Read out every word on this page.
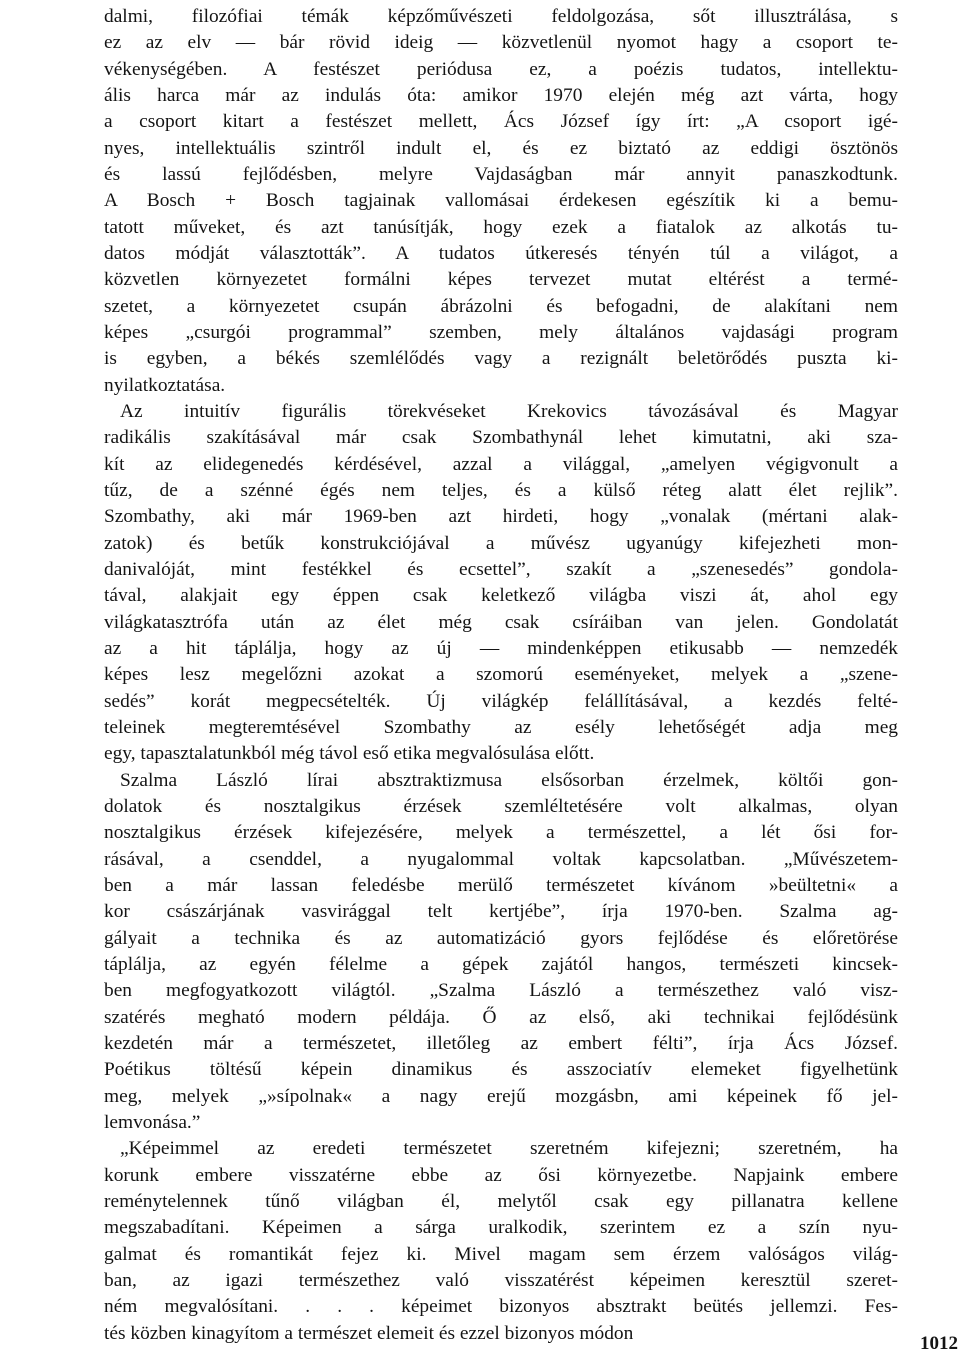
dalmi, filozófiai témák képzőművészeti feldolgozása, sőt illusztrálása, s
ez az elv — bár rövid ideig — közvetlenül nyomot hagy a csoport te-
vékenységében. A festészet periódusa ez, a poézis tudatos, intellektu-
ális harca már az indulás óta: amikor 1970 elején még azt várta, hogy
a csoport kitart a festészet mellett, Ács József így írt: „A csoport igé-
nyes, intellektuális szintről indult el, és ez biztató az eddigi ösztönös
és lassú fejlődésben, melyre Vajdaságban már annyit panaszkodtunk.
A Bosch + Bosch tagjainak vallomásai érdekesen egészítik ki a bemu-
tatott műveket, és azt tanúsítják, hogy ezek a fiatalok az alkotás tu-
datos módját választották”. A tudatos útkeresés tényén túl a világot, a
közvetlen környezetet formálni képes tervezet mutat eltérést a termé-
szetet, a környezetet csupán ábrázolni és befogadni, de alakítani nem
képes „csurgói programmal” szemben, mely általános vajdasági program
is egyben, a békés szemlélődés vagy a rezignált beletörődés puszta ki-
nyilatkoztatása.
Az intuitív figurális törekvéseket Krekovics távozásával és Magyar
radikális szakításával már csak Szombathynál lehet kimutatni, aki sza-
kít az elidegenedés kérdésével, azzal a világgal, „amelyen végigvonult a
tűz, de a szénné égés nem teljes, és a külső réteg alatt élet rejlik”.
Szombathy, aki már 1969-ben azt hirdeti, hogy „vonalak (mértani alak-
zatok) és betűk konstrukciójával a művész ugyanúgy kifejezheti mon-
danivalóját, mint festékkel és ecsettel”, szakít a „szenesedés” gondola-
tával, alakjait egy éppen csak keletkező világba viszi át, ahol egy
világkatasztrófa után az élet még csak csíráiban van jelen. Gondolatát
az a hit táplálja, hogy az új — mindenképpen etikusabb — nemzedék
képes lesz megelőzni azokat a szomorú eseményeket, melyek a „szene-
sedés” korát megpecsételték. Új világkép felállításával, a kezdés felté-
teleinek megteremtésével Szombathy az esély lehetőségét adja meg
egy, tapasztalatunkból még távol eső etika megvalósulása előtt.
Szalma László lírai absztraktizmusa elsősorban érzelmek, költői gon-
dolatok és nosztalgikus érzések szemléltetésére volt alkalmas, olyan
nosztalgikus érzések kifejezésére, melyek a természettel, a lét ősi for-
rásával, a csenddel, a nyugalommal voltak kapcsolatban. „Művészetem-
ben a már lassan feledésbe merülő természetet kívánom »beültetni« a
kor császárjának vasvirággal telt kertjébe”, írja 1970-ben. Szalma ag-
gályait a technika és az automatizáció gyors fejlődése és előretörése
táplálja, az egyén félelme a gépek zajától hangos, természeti kincsek-
ben megfogyatkozott világtól. „Szalma László a természethez való visz-
szatérés megható modern példája. Ő az első, aki technikai fejlődésünk
kezdetén már a természetet, illetőleg az embert félti”, írja Ács József.
Poétikus töltésű képein dinamikus és asszociatív elemeket figyelhetünk
meg, melyek „»sípolnak« a nagy erejű mozgásbn, ami képeinek fő jel-
lemvonása.”
„Képeimmel az eredeti természetet szeretném kifejezni; szeretném, ha
korunk embere visszatérne ebbe az ősi környezetbe. Napjaink embere
reménytelennek tűnő világban él, melytől csak egy pillanatra kellene
megszabadítani. Képeimen a sárga uralkodik, szerintem ez a szín nyu-
galmat és romantikát fejez ki. Mivel magam sem érzem valóságos világ-
ban, az igazi természethez való visszatérést képeimen keresztül szeret-
ném megvalósítani. . . . képeimet bizonyos absztrakt beütés jellemzi. Fes-
tés közben kinagyítom a természet elemeit és ezzel bizonyos módon	1012
